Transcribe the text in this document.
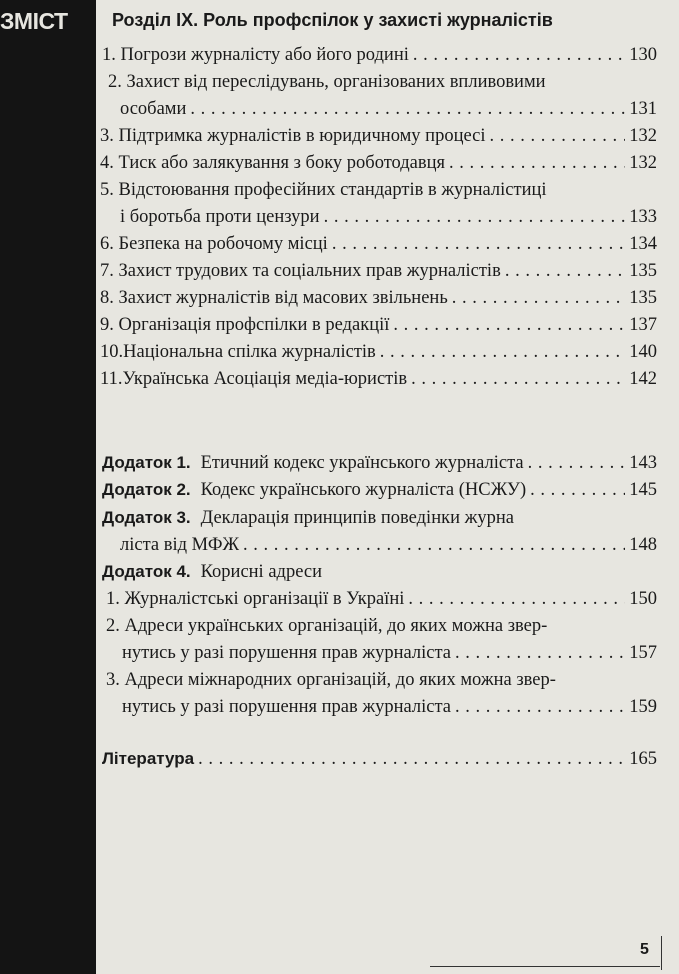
ЗМІСТ	Розділ IX. Роль профспілок у захисті журналістів
1. Погрози журналісту або його родині . . .	130
2. Захист від переслідувань, організованих впливовими
особами . . .	131
3. Підтримка журналістів в юридичному процесі . . .	132
4. Тиск або залякування з боку роботодавця . . .	132
5. Відстоювання професійних стандартів в журналістиці
і боротьба проти цензури . . .	133
6. Безпека на робочому місці . . .	134
7. Захист трудових та соціальних прав журналістів . . .	135
8. Захист журналістів від масових звільнень . . .	135
9. Організація профспілки в редакції . . .	137
10.Національна спілка журналістів . . .	140
11.Українська Асоціація медіа-юристів . . .	142
Додаток 1. Етичний кодекс українського журналіста . . .	143
Додаток 2. Кодекс українського журналіста (НСЖУ) . . .	145
Додаток 3. Декларація принципів поведінки журна
ліста від МФЖ . . .	148
Додаток 4. Корисні адреси
1. Журналістські організації в Україні . . .	150
2. Адреси українських організацій, до яких можна звер-
нутись у разі порушення прав журналіста . . .	157
3. Адреси міжнародних організацій, до яких можна звер-
нутись у разі порушення прав журналіста . . .	159
Література . . .	165
5
